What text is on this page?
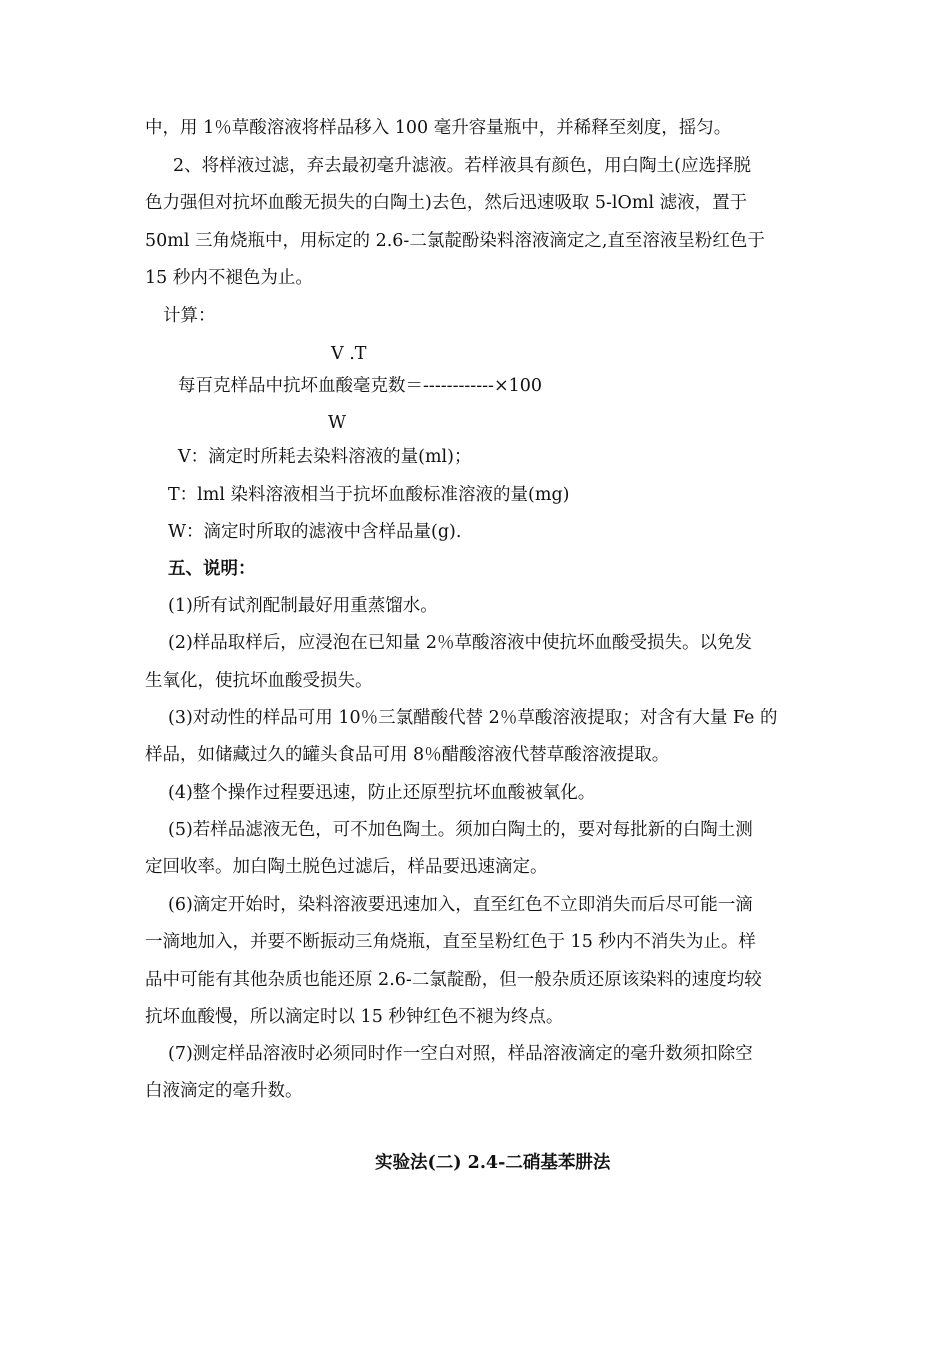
中，用 1％草酸溶液将样品移入 100 毫升容量瓶中，并稀释至刻度，摇匀。
2、将样液过滤，弃去最初毫升滤液。若样液具有颜色，用白陶土(应选择脱
色力强但对抗坏血酸无损失的白陶土)去色，然后迅速吸取 5-lOml 滤液，置于
50ml 三角烧瓶中，用标定的 2.6-二氯靛酚染料溶液滴定之,直至溶液呈粉红色于
15 秒内不褪色为止。
计算：
V .T
每百克样品中抗坏血酸毫克数＝------------×100
W
V：滴定时所耗去染料溶液的量(ml)；
T：lml 染料溶液相当于抗坏血酸标准溶液的量(mg)
W：滴定时所取的滤液中含样品量(g).
五、说明：
(1)所有试剂配制最好用重蒸馏水。
(2)样品取样后，应浸泡在已知量 2％草酸溶液中使抗坏血酸受损失。以免发
生氧化，使抗坏血酸受损失。
(3)对动性的样品可用 10％三氯醋酸代替 2％草酸溶液提取；对含有大量 Fe 的
样品，如储藏过久的罐头食品可用 8％醋酸溶液代替草酸溶液提取。
(4)整个操作过程要迅速，防止还原型抗坏血酸被氧化。
(5)若样品滤液无色，可不加色陶土。须加白陶土的，要对每批新的白陶土测
定回收率。加白陶土脱色过滤后，样品要迅速滴定。
(6)滴定开始时，染料溶液要迅速加入，直至红色不立即消失而后尽可能一滴
一滴地加入，并要不断振动三角烧瓶，直至呈粉红色于 15 秒内不消失为止。样
品中可能有其他杂质也能还原 2.6-二氯靛酚，但一般杂质还原该染料的速度均较
抗坏血酸慢，所以滴定时以 15 秒钟红色不褪为终点。
(7)测定样品溶液时必须同时作一空白对照，样品溶液滴定的毫升数须扣除空
白液滴定的毫升数。
实验法(二) 2.4-二硝基苯肼法
